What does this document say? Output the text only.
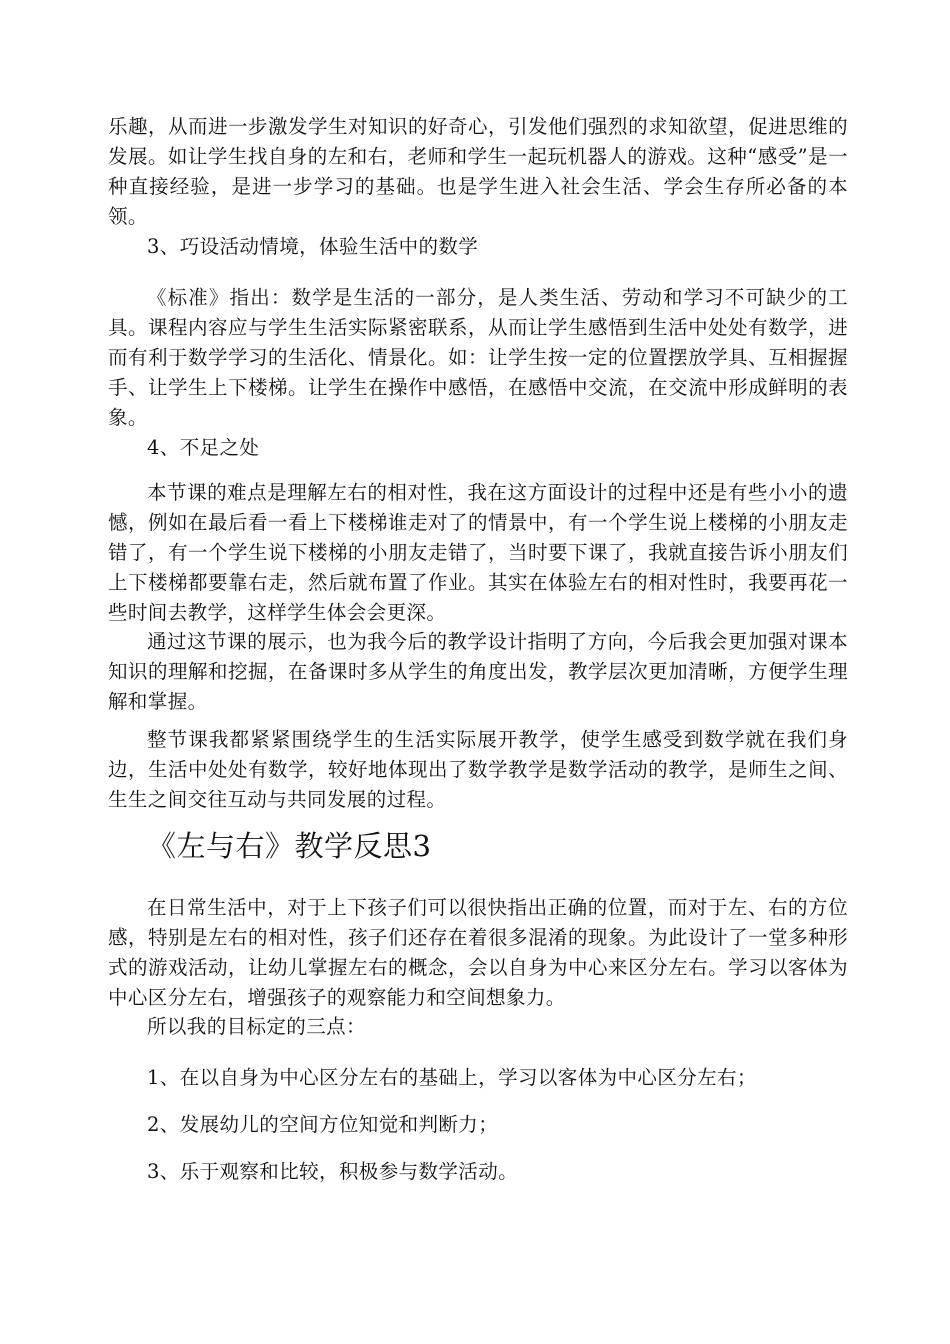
乐趣，从而进一步激发学生对知识的好奇心，引发他们强烈的求知欲望，促进思维的发展。如让学生找自身的左和右，老师和学生一起玩机器人的游戏。这种“感受”是一种直接经验，是进一步学习的基础。也是学生进入社会生活、学会生存所必备的本领。

3、巧设活动情境，体验生活中的数学

《标准》指出：数学是生活的一部分，是人类生活、劳动和学习不可缺少的工具。课程内容应与学生生活实际紧密联系，从而让学生感悟到生活中处处有数学，进而有利于数学学习的生活化、情景化。如：让学生按一定的位置摆放学具、互相握握手、让学生上下楼梯。让学生在操作中感悟，在感悟中交流，在交流中形成鲜明的表象。

4、不足之处

本节课的难点是理解左右的相对性，我在这方面设计的过程中还是有些小小的遗憾，例如在最后看一看上下楼梯谁走对了的情景中，有一个学生说上楼梯的小朋友走错了，有一个学生说下楼梯的小朋友走错了，当时要下课了，我就直接告诉小朋友们上下楼梯都要靠右走，然后就布置了作业。其实在体验左右的相对性时，我要再花一些时间去教学，这样学生体会会更深。

通过这节课的展示，也为我今后的教学设计指明了方向，今后我会更加强对课本知识的理解和挖掘，在备课时多从学生的角度出发，教学层次更加清晰，方便学生理解和掌握。

整节课我都紧紧围绕学生的生活实际展开教学，使学生感受到数学就在我们身边，生活中处处有数学，较好地体现出了数学教学是数学活动的教学，是师生之间、生生之间交往互动与共同发展的过程。

《左与右》教学反思3

在日常生活中，对于上下孩子们可以很快指出正确的位置，而对于左、右的方位感，特别是左右的相对性，孩子们还存在着很多混淆的现象。为此设计了一堂多种形式的游戏活动，让幼儿掌握左右的概念，会以自身为中心来区分左右。学习以客体为中心区分左右，增强孩子的观察能力和空间想象力。

所以我的目标定的三点：

1、在以自身为中心区分左右的基础上，学习以客体为中心区分左右；

2、发展幼儿的空间方位知觉和判断力；

3、乐于观察和比较，积极参与数学活动。
